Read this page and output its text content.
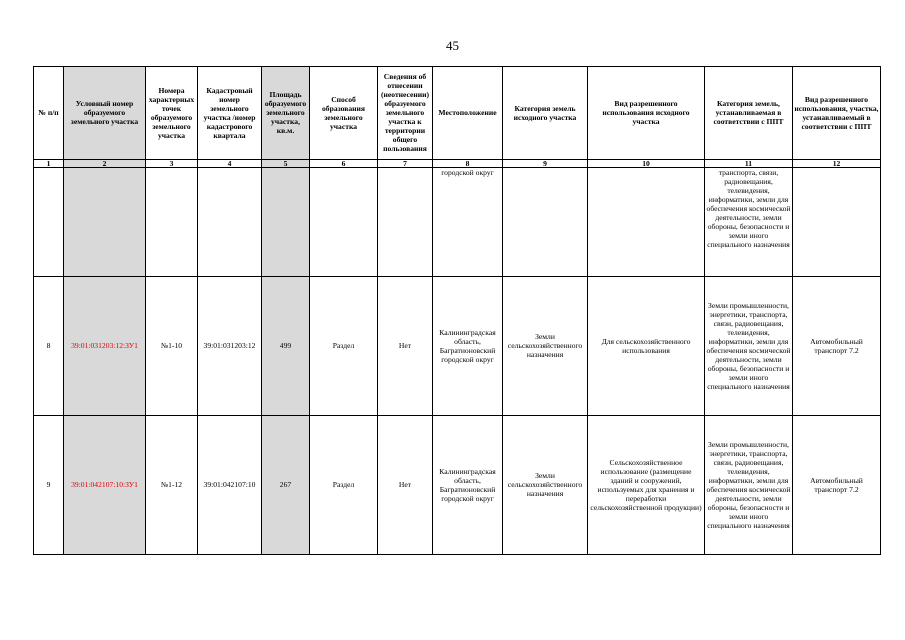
45
№ п/п	Условный номер образуемого земельного участка	Номера характерных точек образуемого земельного участка	Кадастровый номер земельного участка /номер кадастрового квартала	Площадь образуемого земельного участка, кв.м.	Способ образования земельного участка	Сведения об отнесении (неотнесении) образуемого земельного участка к территории общего пользования	Местоположение	Категория земель исходного участка	Вид разрешенного использования исходного участка	Категория земель, устанавливаемая в соответствии с ППТ	Вид разрешенного использования, участка, устанавливаемый в соответствии с ППТ
1	2	3	4	5	6	7	8	9	10	11	12
							городской округ			транспорта, связи, радиовещания, телевидения, информатики, земли для обеспечения космической деятельности, земли обороны, безопасности и земли иного специального назначения	
8	39:01:031203:12:ЗУ1	№1-10	39:01:031203:12	499	Раздел	Нет	Калининградская область, Багратионовский городской округ	Земли сельскохозяйственного назначения	Для сельскохозяйственного использования	Земли промышленности, энергетики, транспорта, связи, радиовещания, телевидения, информатики, земли для обеспечения космической деятельности, земли обороны, безопасности и земли иного специального назначения	Автомобильный транспорт 7.2
9	39:01:042107:10:ЗУ1	№1-12	39:01:042107:10	267	Раздел	Нет	Калининградская область, Багратионовский городской округ	Земли сельскохозяйственного назначения	Сельскохозяйственное использование (размещение зданий и сооружений, используемых для хранения и переработки сельскохозяйственной продукции)	Земли промышленности, энергетики, транспорта, связи, радиовещания, телевидения, информатики, земли для обеспечения космической деятельности, земли обороны, безопасности и земли иного специального назначения	Автомобильный транспорт 7.2
